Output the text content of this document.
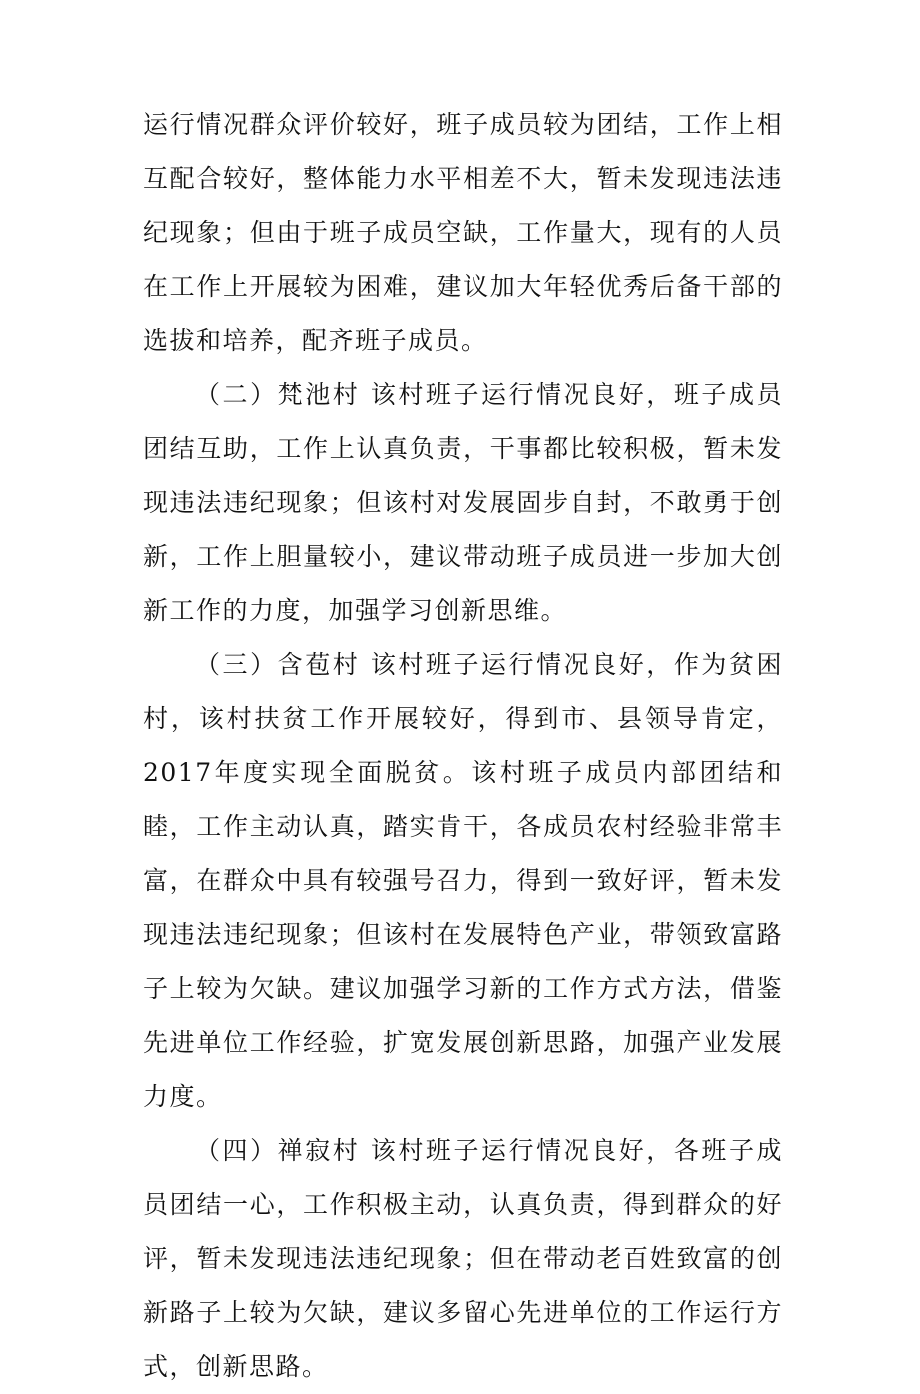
运行情况群众评价较好，班子成员较为团结，工作上相互配合较好，整体能力水平相差不大，暂未发现违法违纪现象；但由于班子成员空缺，工作量大，现有的人员在工作上开展较为困难，建议加大年轻优秀后备干部的选拔和培养，配齐班子成员。

（二）梵池村 该村班子运行情况良好，班子成员团结互助，工作上认真负责，干事都比较积极，暂未发现违法违纪现象；但该村对发展固步自封，不敢勇于创新，工作上胆量较小，建议带动班子成员进一步加大创新工作的力度，加强学习创新思维。

（三）含苞村 该村班子运行情况良好，作为贫困村，该村扶贫工作开展较好，得到市、县领导肯定，2017年度实现全面脱贫。该村班子成员内部团结和睦，工作主动认真，踏实肯干，各成员农村经验非常丰富，在群众中具有较强号召力，得到一致好评，暂未发现违法违纪现象；但该村在发展特色产业，带领致富路子上较为欠缺。建议加强学习新的工作方式方法，借鉴先进单位工作经验，扩宽发展创新思路，加强产业发展力度。

（四）禅寂村 该村班子运行情况良好，各班子成员团结一心，工作积极主动，认真负责，得到群众的好评，暂未发现违法违纪现象；但在带动老百姓致富的创新路子上较为欠缺，建议多留心先进单位的工作运行方式，创新思路。
